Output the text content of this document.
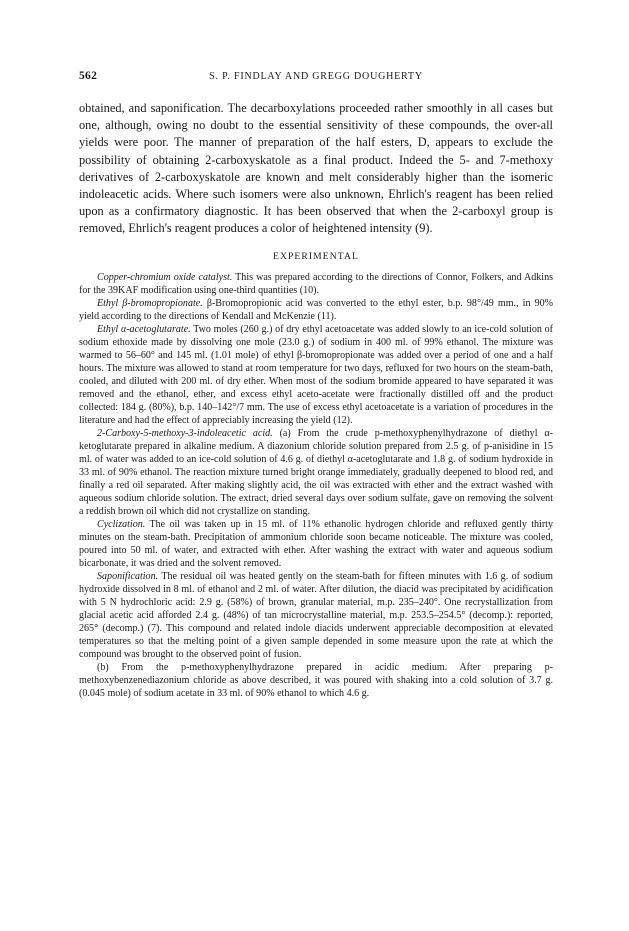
562	S. P. FINDLAY AND GREGG DOUGHERTY

obtained, and saponification. The decarboxylations proceeded rather smoothly in all cases but one, although, owing no doubt to the essential sensitivity of these compounds, the over-all yields were poor. The manner of preparation of the half esters, D, appears to exclude the possibility of obtaining 2-carboxyskatole as a final product. Indeed the 5- and 7-methoxy derivatives of 2-carboxyskatole are known and melt considerably higher than the isomeric indoleacetic acids. Where such isomers were also unknown, Ehrlich's reagent has been relied upon as a confirmatory diagnostic. It has been observed that when the 2-carboxyl group is removed, Ehrlich's reagent produces a color of heightened intensity (9).

EXPERIMENTAL

Copper-chromium oxide catalyst. This was prepared according to the directions of Connor, Folkers, and Adkins for the 39KAF modification using one-third quantities (10).

Ethyl β-bromopropionate. β-Bromopropionic acid was converted to the ethyl ester, b.p. 98°/49 mm., in 90% yield according to the directions of Kendall and McKenzie (11).

Ethyl α-acetoglutarate. Two moles (260 g.) of dry ethyl acetoacetate was added slowly to an ice-cold solution of sodium ethoxide made by dissolving one mole (23.0 g.) of sodium in 400 ml. of 99% ethanol. The mixture was warmed to 56–60° and 145 ml. (1.01 mole) of ethyl β-bromopropionate was added over a period of one and a half hours. The mixture was allowed to stand at room temperature for two days, refluxed for two hours on the steam-bath, cooled, and diluted with 200 ml. of dry ether. When most of the sodium bromide appeared to have separated it was removed and the ethanol, ether, and excess ethyl aceto-acetate were fractionally distilled off and the product collected: 184 g. (80%), b.p. 140–142°/7 mm. The use of excess ethyl acetoacetate is a variation of procedures in the literature and had the effect of appreciably increasing the yield (12).

2-Carboxy-5-methoxy-3-indoleacetic acid. (a) From the crude p-methoxyphenylhydrazone of diethyl α-ketoglutarate prepared in alkaline medium. A diazonium chloride solution prepared from 2.5 g. of p-anisidine in 15 ml. of water was added to an ice-cold solution of 4.6 g. of diethyl α-acetoglutarate and 1.8 g. of sodium hydroxide in 33 ml. of 90% ethanol. The reaction mixture turned bright orange immediately, gradually deepened to blood red, and finally a red oil separated. After making slightly acid, the oil was extracted with ether and the extract washed with aqueous sodium chloride solution. The extract, dried several days over sodium sulfate, gave on removing the solvent a reddish brown oil which did not crystallize on standing.

Cyclization. The oil was taken up in 15 ml. of 11% ethanolic hydrogen chloride and refluxed gently thirty minutes on the steam-bath. Precipitation of ammonium chloride soon became noticeable. The mixture was cooled, poured into 50 ml. of water, and extracted with ether. After washing the extract with water and aqueous sodium bicarbonate, it was dried and the solvent removed.

Saponification. The residual oil was heated gently on the steam-bath for fifteen minutes with 1.6 g. of sodium hydroxide dissolved in 8 ml. of ethanol and 2 ml. of water. After dilution, the diacid was precipitated by acidification with 5 N hydrochloric acid: 2.9 g. (58%) of brown, granular material, m.p. 235–240°. One recrystallization from glacial acetic acid afforded 2.4 g. (48%) of tan microcrystalline material, m.p. 253.5–254.5° (decomp.): reported, 265° (decomp.) (7). This compound and related indole diacids underwent appreciable decomposition at elevated temperatures so that the melting point of a given sample depended in some measure upon the rate at which the compound was brought to the observed point of fusion.

(b) From the p-methoxyphenylhydrazone prepared in acidic medium. After preparing p-methoxybenzenediazonium chloride as above described, it was poured with shaking into a cold solution of 3.7 g. (0.045 mole) of sodium acetate in 33 ml. of 90% ethanol to which 4.6 g.
